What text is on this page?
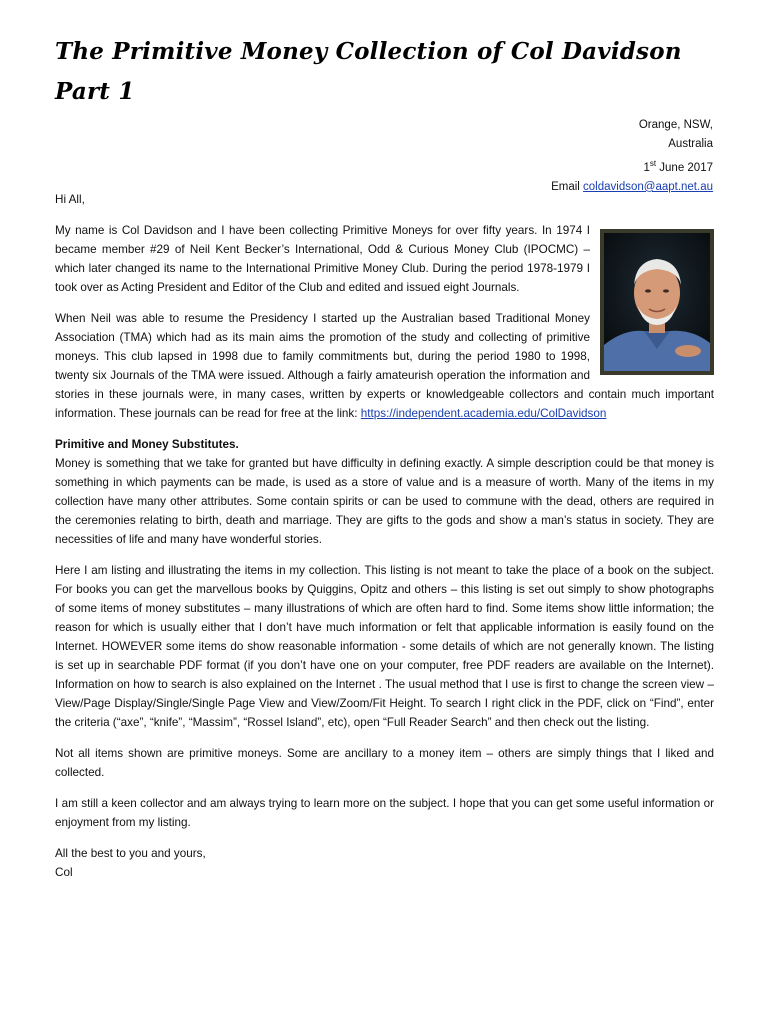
The Primitive Money Collection of Col Davidson
Part 1
Orange, NSW,
Australia
1st June 2017
Email coldavidson@aapt.net.au

Hi All,

My name is Col Davidson and I have been collecting Primitive Moneys for over fifty years. In 1974 I became member #29 of Neil Kent Becker’s International, Odd & Curious Money Club (IPOCMC) – which later changed its name to the International Primitive Money Club. During the period 1978-1979 I took over as Acting President and Editor of the Club and edited and issued eight Journals.

When Neil was able to resume the Presidency I started up the Australian based Traditional Money Association (TMA) which had as its main aims the promotion of the study and collecting of primitive moneys. This club lapsed in 1998 due to family commitments but, during the period 1980 to 1998, twenty six Journals of the TMA were issued. Although a fairly amateurish operation the information and stories in these journals were, in many cases, written by experts or knowledgeable collectors and contain much important information. These journals can be read for free at the link: https://independent.academia.edu/ColDavidson

Primitive and Money Substitutes.

Money is something that we take for granted but have difficulty in defining exactly. A simple description could be that money is something in which payments can be made, is used as a store of value and is a measure of worth. Many of the items in my collection have many other attributes. Some contain spirits or can be used to commune with the dead, others are required in the ceremonies relating to birth, death and marriage. They are gifts to the gods and show a man’s status in society. They are necessities of life and many have wonderful stories.

Here I am listing and illustrating the items in my collection. This listing is not meant to take the place of a book on the subject. For books you can get the marvellous books by Quiggins, Opitz and others – this listing is set out simply to show photographs of some items of money substitutes – many illustrations of which are often hard to find. Some items show little information; the reason for which is usually either that I don’t have much information or felt that applicable information is easily found on the Internet. HOWEVER some items do show reasonable information - some details of which are not generally known. The listing is set up in searchable PDF format (if you don’t have one on your computer, free PDF readers are available on the Internet). Information on how to search is also explained on the Internet . The usual method that I use is first to change the screen view – View/Page Display/Single/Single Page View and View/Zoom/Fit Height. To search I right click in the PDF, click on “Find”, enter the criteria (“axe”, “knife”, “Massim”, “Rossel Island”, etc), open “Full Reader Search” and then check out the listing.

Not all items shown are primitive moneys. Some are ancillary to a money item – others are simply things that I liked and collected.

I am still a keen collector and am always trying to learn more on the subject. I hope that you can get some useful information or enjoyment from my listing.

All the best to you and yours,

Col
